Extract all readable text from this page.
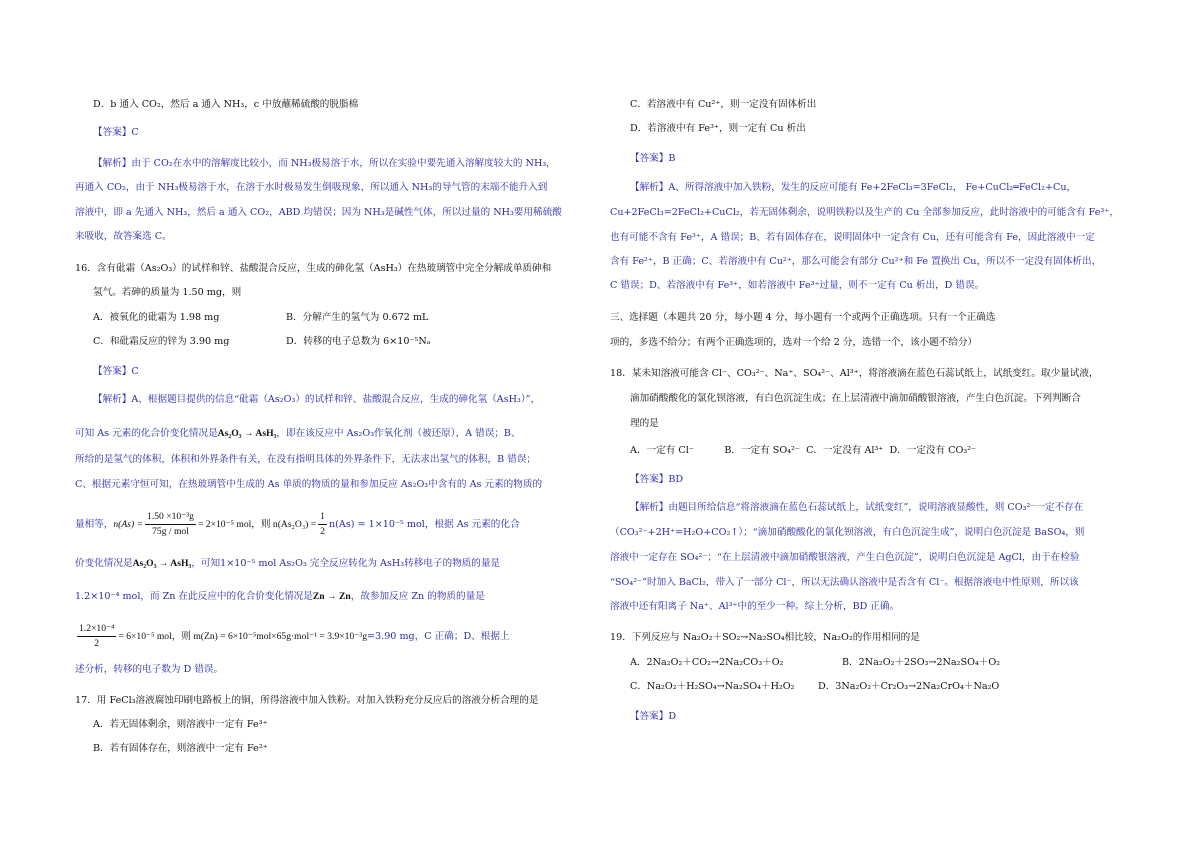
D．b 通入 CO₂，然后 a 通入 NH₃，c 中放蘸稀硫酸的脱脂棉
【答案】C
【解析】由于 CO₂在水中的溶解度比较小，而 NH₃极易溶于水，所以在实验中要先通入溶解度较大的 NH₃，
再通入 CO₂，由于 NH₃极易溶于水，在溶于水时极易发生倒吸现象，所以通入 NH₃的导气管的末端不能升入到
溶液中，即 a 先通入 NH₃，然后 a 通入 CO₂，ABD 均错误；因为 NH₃是碱性气体，所以过量的 NH₃要用稀硫酸
来吸收，故答案选 C。
16．含有砒霜（As₂O₃）的试样和锌、盐酸混合反应，生成的砷化氢（AsH₃）在热玻璃管中完全分解成单质砷和
氢气。若砷的质量为 1.50 mg，则
A．被氧化的砒霜为 1.98 mg	B．分解产生的氢气为 0.672 mL
C．和砒霜反应的锌为 3.90 mg	D．转移的电子总数为 6×10⁻⁵Nₐ
【答案】C
【解析】A、根据题目提供的信息“砒霜（As₂O₃）的试样和锌、盐酸混合反应，生成的砷化氢（AsH₃）”，
可知 As 元素的化合价变化情况是As₂O₃ → AsH₃，即在该反应中 As₂O₃作氧化剂（被还原），A 错误；B、
所给的是氢气的体积，体积和外界条件有关，在没有指明具体的外界条件下，无法求出氢气的体积，B 错误；
C、根据元素守恒可知，在热玻璃管中生成的 As 单质的物质的量和参加反应 As₂O₃中含有的 As 元素的物质的
量相等，$n(As) = \frac{\text{1.50 ×10⁻³g}}{\text{75g / mol}} = 2\times 10^{-5}$ mol，则 $n(As_2O_3) = \frac{1}{2} n(As) = 1\times 10^{-5}$ mol，根据 As 元素的化合
价变化情况是As₂O₃ → AsH₃，可知1×10⁻⁵ mol As₂O₃ 完全反应转化为 AsH₃转移电子的物质的量是
1.2×10⁻⁴ mol，而 Zn 在此反应中的化合价变化情况是Zn → Zn，故参加反应 Zn 的物质的量是
$\frac{\text{1.2×10⁻⁴}}{2} = 6\times 10^{-5}$ mol，则 m(Zn) = 6×10⁻⁵mol×65g·mol⁻¹ = 3.9×10⁻³g=3.90 mg，C 正确；D、根据上
述分析，转移的电子数为 D 错误。
17．用 FeCl₃溶液腐蚀印刷电路板上的铜，所得溶液中加入铁粉。对加入铁粉充分反应后的溶液分析合理的是
A．若无固体剩余，则溶液中一定有 Fe³⁺
B．若有固体存在，则溶液中一定有 Fe²⁺
C．若溶液中有 Cu²⁺，则一定没有固体析出
D．若溶液中有 Fe³⁺，则一定有 Cu 析出
【答案】B
【解析】A、所得溶液中加入铁粉，发生的反应可能有 Fe+2FeCl₃=3FeCl₂， Fe+CuCl₂═FeCl₂+Cu，
Cu+2FeCl₃=2FeCl₂+CuCl₂，若无固体剩余，说明铁粉以及生产的 Cu 全部参加反应，此时溶液中的可能含有 Fe³⁺，
也有可能不含有 Fe³⁺，A 错误；B、若有固体存在，说明固体中一定含有 Cu，还有可能含有 Fe，因此溶液中一定
含有 Fe²⁺，B 正确；C、若溶液中有 Cu²⁺，那么可能会有部分 Cu²⁺和 Fe 置换出 Cu，所以不一定没有固体析出，
C 错误；D、若溶液中有 Fe³⁺，如若溶液中 Fe³⁺过量，则不一定有 Cu 析出，D 错误。
三、选择题（本题共 20 分，每小题 4 分，每小题有一个或两个正确选项。只有一个正确选
项的，多选不给分；有两个正确选项的，选对一个给 2 分，选错一个，该小题不给分）
18．某未知溶液可能含 Cl⁻、CO₃²⁻、Na⁺、SO₄²⁻、Al³⁺，将溶液滴在蓝色石蕊试纸上，试纸变红。取少量试液，
滴加硝酸酸化的氯化钡溶液，有白色沉淀生成；在上层清液中滴加硝酸银溶液，产生白色沉淀。下列判断合
理的是
A．一定有 Cl⁻          B．一定有 SO₄²⁻  C．一定没有 Al³⁺  D．一定没有 CO₃²⁻
【答案】BD
【解析】由题目所给信息“将溶液滴在蓝色石蕊试纸上，试纸变红”，说明溶液显酸性，则 CO₃²⁻一定不存在
（CO₃²⁻+2H⁺=H₂O+CO₂↑）；“滴加硝酸酸化的氯化钡溶液，有白色沉淀生成”，说明白色沉淀是 BaSO₄，则
溶液中一定存在 SO₄²⁻；“在上层清液中滴加硝酸银溶液，产生白色沉淀”，说明白色沉淀是 AgCl，由于在检验
“SO₄²⁻”时加入 BaCl₂，带入了一部分 Cl⁻，所以无法确认溶液中是否含有 Cl⁻。根据溶液电中性原则，所以该
溶液中还有阳离子 Na⁺、Al³⁺中的至少一种。综上分析，BD 正确。
19．下列反应与 Na₂O₂＋SO₂→Na₂SO₄相比较，Na₂O₂的作用相同的是
A．2Na₂O₂＋CO₂→2Na₂CO₃＋O₂	B．2Na₂O₂＋2SO₃→2Na₂SO₄＋O₂
C．Na₂O₂＋H₂SO₄→Na₂SO₄＋H₂O₂ D．3Na₂O₂＋Cr₂O₃→2Na₂CrO₄＋Na₂O
【答案】D
